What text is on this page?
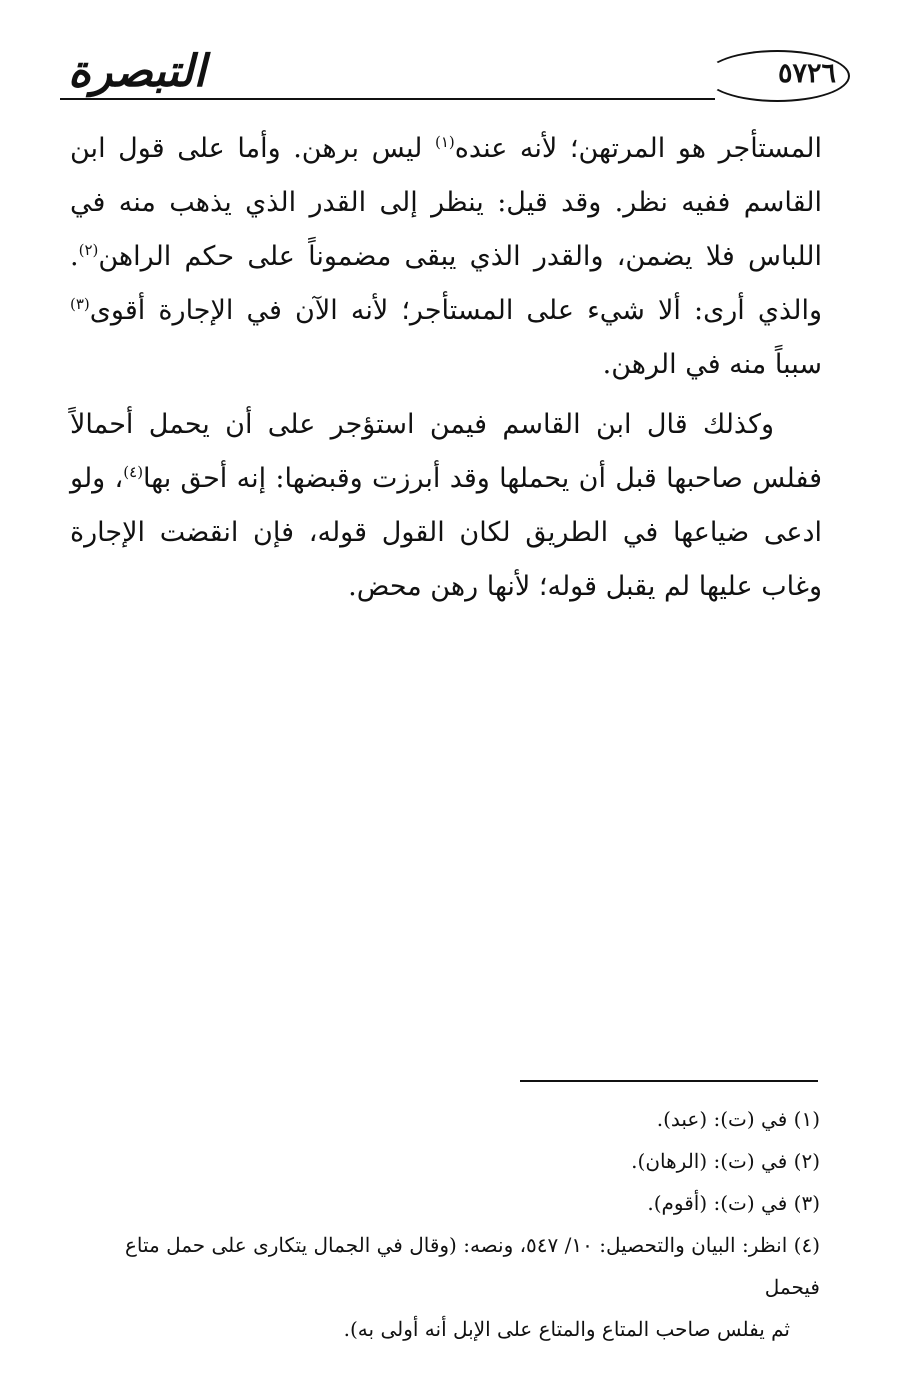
التبصرة	٥٧٢٦

المستأجر هو المرتهن؛ لأنه عنده$^{(١)}$ ليس برهن. وأما على قول ابن القاسم ففيه نظر. وقد قيل: ينظر إلى القدر الذي يذهب منه في اللباس فلا يضمن، والقدر الذي يبقى مضموناً على حكم الراهن$^{(٢)}$. والذي أرى: ألا شيء على المستأجر؛ لأنه الآن في الإجارة أقوى$^{(٣)}$ سبباً منه في الرهن.

وكذلك قال ابن القاسم فيمن استؤجر على أن يحمل أحمالاً ففلس صاحبها قبل أن يحملها وقد أبرزت وقبضها: إنه أحق بها$^{(٤)}$، ولو ادعى ضياعها في الطريق لكان القول قوله، فإن انقضت الإجارة وغاب عليها لم يقبل قوله؛ لأنها رهن محض.

(١) في (ت): (عبد).

(٢) في (ت): (الرهان).

(٣) في (ت): (أقوم).

(٤) انظر: البيان والتحصيل: ١٠/ ٥٤٧، ونصه: (وقال في الجمال يتكارى على حمل متاع فيحمل

ثم يفلس صاحب المتاع والمتاع على الإبل أنه أولى به).
